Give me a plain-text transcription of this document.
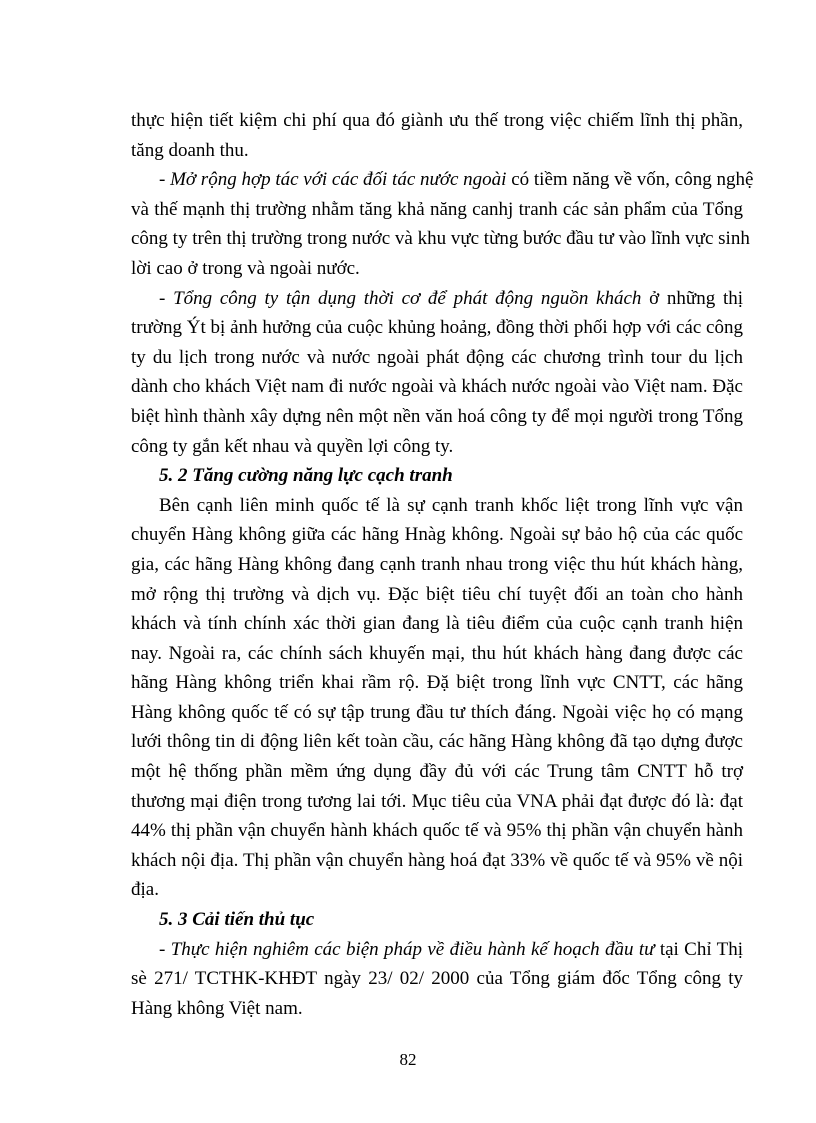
thực hiện tiết kiệm chi phí qua đó giành ưu thế trong việc chiếm lĩnh thị phần,
tăng doanh thu.
- Mở rộng hợp tác với các đối tác nước ngoài có tiềm năng về vốn, công nghệ
và thế mạnh thị trường nhằm tăng khả năng canhj tranh các sản phẩm của Tổng
công ty trên thị trường trong nước và khu vực từng bước đầu tư vào lĩnh vực sinh
lời cao ở trong và ngoài nước.
- Tổng công ty tận dụng thời cơ để phát động nguồn khách ở những thị
trường Ýt bị ảnh hưởng của cuộc khủng hoảng, đồng thời phối hợp với các công
ty du lịch trong nước và nước ngoài phát động các chương trình tour du lịch
dành cho khách Việt nam đi nước ngoài và khách nước ngoài vào Việt nam. Đặc
biệt hình thành xây dựng nên một nền văn hoá công ty để mọi người trong Tổng
công ty gắn kết nhau và quyền lợi công ty.
5. 2 Tăng cường năng lực cạch tranh
Bên cạnh liên minh quốc tế là sự cạnh tranh khốc liệt trong lĩnh vực vận
chuyển Hàng không giữa các hãng Hnàg không. Ngoài sự bảo hộ của các quốc
gia, các hãng Hàng không đang cạnh tranh nhau trong việc thu hút khách hàng,
mở rộng thị trường và dịch vụ. Đặc biệt tiêu chí tuyệt đối an toàn cho hành
khách và tính chính xác thời gian đang là tiêu điểm của cuộc cạnh tranh hiện
nay. Ngoài ra, các chính sách khuyến mại, thu hút khách hàng đang được các
hãng Hàng không triển khai rầm rộ. Đặ biệt trong lĩnh vực CNTT, các hãng
Hàng không quốc tế có sự tập trung đầu tư thích đáng. Ngoài việc họ có mạng
lưới thông tin di động liên kết toàn cầu, các hãng Hàng không đã tạo dựng được
một hệ thống phần mềm ứng dụng đầy đủ với các Trung tâm CNTT hỗ trợ
thương mại điện trong tương lai tới. Mục tiêu của VNA phải đạt được đó là: đạt
44% thị phần vận chuyển hành khách quốc tế và 95% thị phần vận chuyển hành
khách nội địa. Thị phần vận chuyển hàng hoá đạt 33% về quốc tế và 95% về nội
địa.
5. 3 Cải tiến thủ tục
- Thực hiện nghiêm các biện pháp về điều hành kế hoạch đầu tư tại Chỉ Thị
sè 271/ TCTHK-KHĐT ngày 23/ 02/ 2000 của Tổng giám đốc Tổng công ty
Hàng không Việt nam.
82
